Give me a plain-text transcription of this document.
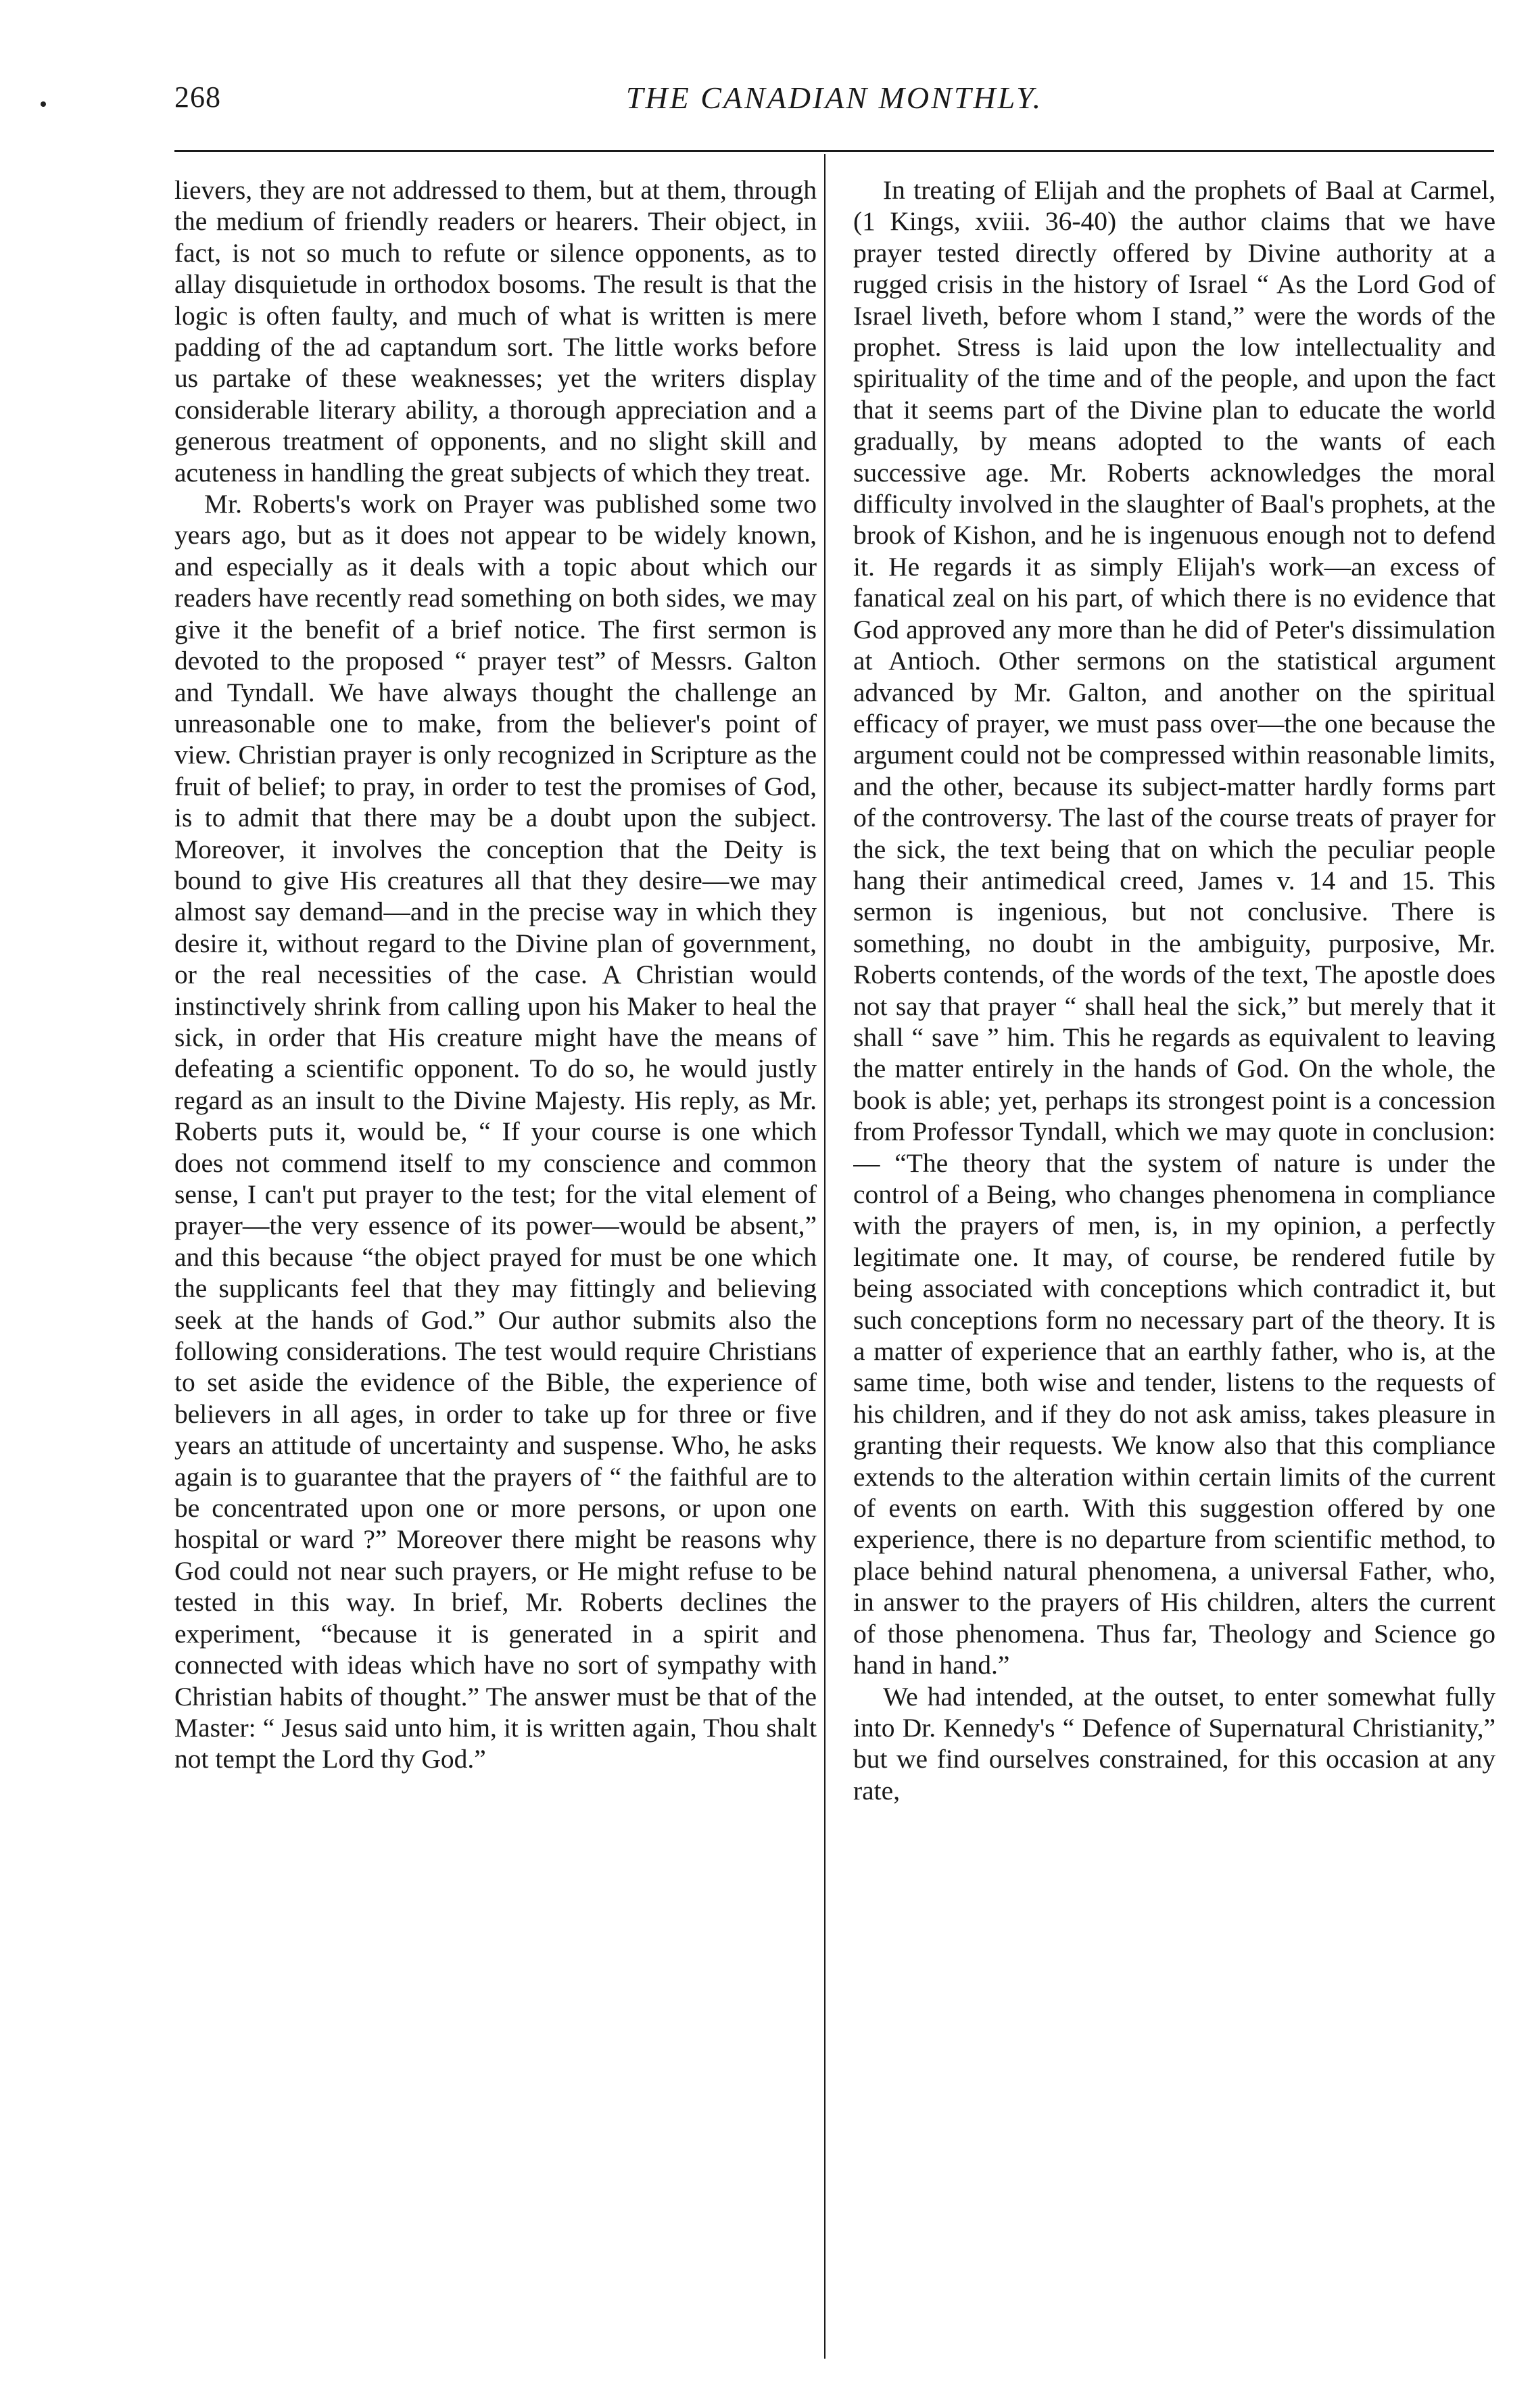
268	THE CANADIAN MONTHLY.

lievers, they are not addressed to them, but at them, through the medium of friendly readers or hearers. Their object, in fact, is not so much to refute or silence opponents, as to allay disquietude in orthodox bosoms. The result is that the logic is often faulty, and much of what is written is mere padding of the ad captandum sort. The little works before us partake of these weaknesses; yet the writers display considerable literary ability, a thorough appreciation and a generous treatment of opponents, and no slight skill and acuteness in handling the great subjects of which they treat.

Mr. Roberts's work on Prayer was published some two years ago, but as it does not appear to be widely known, and especially as it deals with a topic about which our readers have recently read something on both sides, we may give it the benefit of a brief notice. The first sermon is devoted to the proposed “ prayer test” of Messrs. Galton and Tyndall. We have always thought the challenge an unreasonable one to make, from the believer's point of view. Christian prayer is only recognized in Scripture as the fruit of belief; to pray, in order to test the promises of God, is to admit that there may be a doubt upon the subject. Moreover, it involves the conception that the Deity is bound to give His creatures all that they desire—we may almost say demand—and in the precise way in which they desire it, without regard to the Divine plan of government, or the real necessities of the case. A Christian would instinctively shrink from calling upon his Maker to heal the sick, in order that His creature might have the means of defeating a scientific opponent. To do so, he would justly regard as an insult to the Divine Majesty. His reply, as Mr. Roberts puts it, would be, “ If your course is one which does not commend itself to my conscience and common sense, I can't put prayer to the test; for the vital element of prayer—the very essence of its power—would be absent,” and this because “the object prayed for must be one which the supplicants feel that they may fittingly and believing seek at the hands of God.” Our author submits also the following considerations. The test would require Christians to set aside the evidence of the Bible, the experience of believers in all ages, in order to take up for three or five years an attitude of uncertainty and suspense. Who, he asks again is to guarantee that the prayers of “ the faithful are to be concentrated upon one or more persons, or upon one hospital or ward ?” Moreover there might be reasons why God could not near such prayers, or He might refuse to be tested in this way. In brief, Mr. Roberts declines the experiment, “because it is generated in a spirit and connected with ideas which have no sort of sympathy with Christian habits of thought.” The answer must be that of the Master: “ Jesus said unto him, it is written again, Thou shalt not tempt the Lord thy God.”

In treating of Elijah and the prophets of Baal at Carmel, (1 Kings, xviii. 36-40) the author claims that we have prayer tested directly offered by Divine authority at a rugged crisis in the history of Israel “ As the Lord God of Israel liveth, before whom I stand,” were the words of the prophet. Stress is laid upon the low intellectuality and spirituality of the time and of the people, and upon the fact that it seems part of the Divine plan to educate the world gradually, by means adopted to the wants of each successive age. Mr. Roberts acknowledges the moral difficulty involved in the slaughter of Baal's prophets, at the brook of Kishon, and he is ingenuous enough not to defend it. He regards it as simply Elijah's work—an excess of fanatical zeal on his part, of which there is no evidence that God approved any more than he did of Peter's dissimulation at Antioch. Other sermons on the statistical argument advanced by Mr. Galton, and another on the spiritual efficacy of prayer, we must pass over—the one because the argument could not be compressed within reasonable limits, and the other, because its subject-matter hardly forms part of the controversy. The last of the course treats of prayer for the sick, the text being that on which the peculiar people hang their antimedical creed, James v. 14 and 15. This sermon is ingenious, but not conclusive. There is something, no doubt in the ambiguity, purposive, Mr. Roberts contends, of the words of the text, The apostle does not say that prayer “ shall heal the sick,” but merely that it shall “ save ” him. This he regards as equivalent to leaving the matter entirely in the hands of God. On the whole, the book is able; yet, perhaps its strongest point is a concession from Professor Tyndall, which we may quote in conclusion:— “The theory that the system of nature is under the control of a Being, who changes phenomena in compliance with the prayers of men, is, in my opinion, a perfectly legitimate one. It may, of course, be rendered futile by being associated with conceptions which contradict it, but such conceptions form no necessary part of the theory. It is a matter of experience that an earthly father, who is, at the same time, both wise and tender, listens to the requests of his children, and if they do not ask amiss, takes pleasure in granting their requests. We know also that this compliance extends to the alteration within certain limits of the current of events on earth. With this suggestion offered by one experience, there is no departure from scientific method, to place behind natural phenomena, a universal Father, who, in answer to the prayers of His children, alters the current of those phenomena. Thus far, Theology and Science go hand in hand.”

We had intended, at the outset, to enter somewhat fully into Dr. Kennedy's “ Defence of Supernatural Christianity,” but we find ourselves constrained, for this occasion at any rate,
